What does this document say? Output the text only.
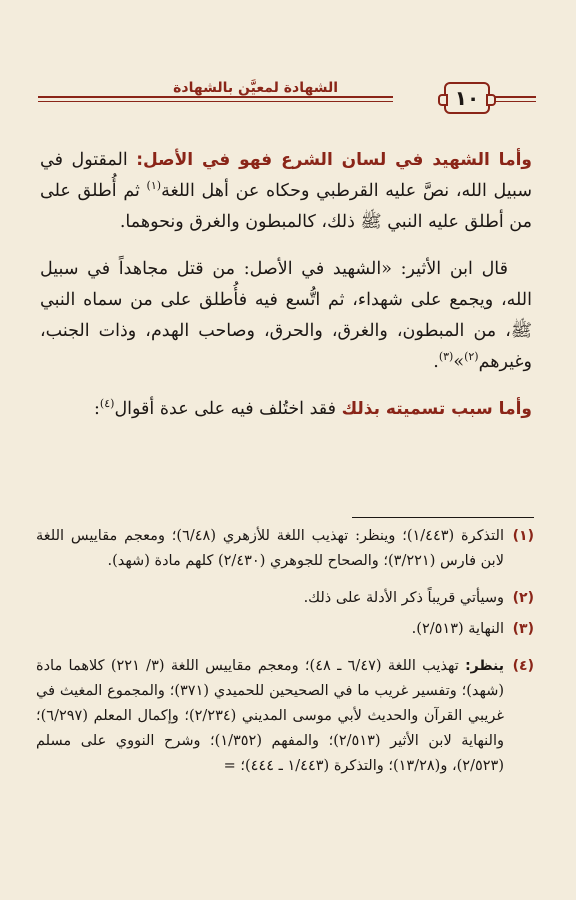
١٠
الشهادة لمعيَّن بالشهادة

وأما الشهيد في لسان الشرع فهو في الأصل: المقتول في سبيل الله، نصَّ عليه القرطبي وحكاه عن أهل اللغة$^{(١)}$ ثم أُطلق على من أطلق عليه النبي ﷺ ذلك، كالمبطون والغرق ونحوهما.

قال ابن الأثير: «الشهيد في الأصل: من قتل مجاهداً في سبيل الله، ويجمع على شهداء، ثم اتُّسع فيه فأُطلق على من سماه النبي ﷺ، من المبطون، والغرق، والحرق، وصاحب الهدم، وذات الجنب، وغيرهم$^{(٢)}$»$^{(٣)}$.

وأما سبب تسميته بذلك فقد اختُلف فيه على عدة أقوال$^{(٤)}$:

(١)
التذكرة (١/٤٤٣)؛ وينظر: تهذيب اللغة للأزهري (٦/٤٨)؛ ومعجم مقاييس اللغة لابن فارس (٣/٢٢١)؛ والصحاح للجوهري (٢/٤٣٠) كلهم مادة (شهد).
(٢)
وسيأتي قريباً ذكر الأدلة على ذلك.
(٣)
النهاية (٢/٥١٣).
(٤)
ينظر: تهذيب اللغة (٦/٤٧ ـ ٤٨)؛ ومعجم مقاييس اللغة (٣/ ٢٢١) كلاهما مادة (شهد)؛ وتفسير غريب ما في الصحيحين للحميدي (٣٧١)؛ والمجموع المغيث في غريبي القرآن والحديث لأبي موسى المديني (٢/٢٣٤)؛ وإكمال المعلم (٦/٢٩٧)؛ والنهاية لابن الأثير (٢/٥١٣)؛ والمفهم (١/٣٥٢)؛ وشرح النووي على مسلم (٢/٥٢٣)، و(١٣/٢٨)؛ والتذكرة (١/٤٤٣ ـ ٤٤٤)؛ =
